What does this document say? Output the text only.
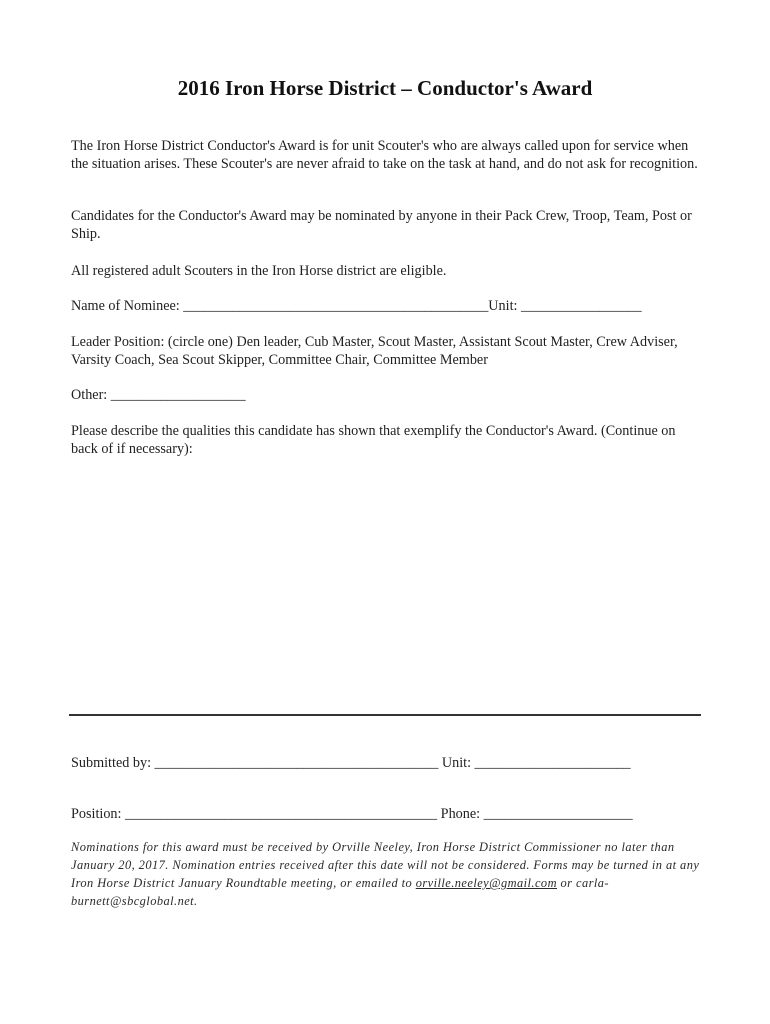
2016 Iron Horse District – Conductor's Award
The Iron Horse District Conductor's Award is for unit Scouter's who are always called upon for service when the situation arises. These Scouter's are never afraid to take on the task at hand, and do not ask for recognition.
Candidates for the Conductor's Award may be nominated by anyone in their Pack Crew, Troop, Team, Post or Ship.
All registered adult Scouters in the Iron Horse district are eligible.
Name of Nominee: ___________________________________________Unit: _________________
Leader Position: (circle one) Den leader, Cub Master, Scout Master, Assistant Scout Master, Crew Adviser, Varsity Coach, Sea Scout Skipper, Committee Chair, Committee Member
Other: ___________________
Please describe the qualities this candidate has shown that exemplify the Conductor's Award. (Continue on back of if necessary):
Submitted by: ________________________________________ Unit: ______________________
Position: ____________________________________________ Phone: _____________________
Nominations for this award must be received by Orville Neeley, Iron Horse District Commissioner no later than January 20, 2017. Nomination entries received after this date will not be considered. Forms may be turned in at any Iron Horse District January Roundtable meeting, or emailed to orville.neeley@gmail.com or carla-burnett@sbcglobal.net.
